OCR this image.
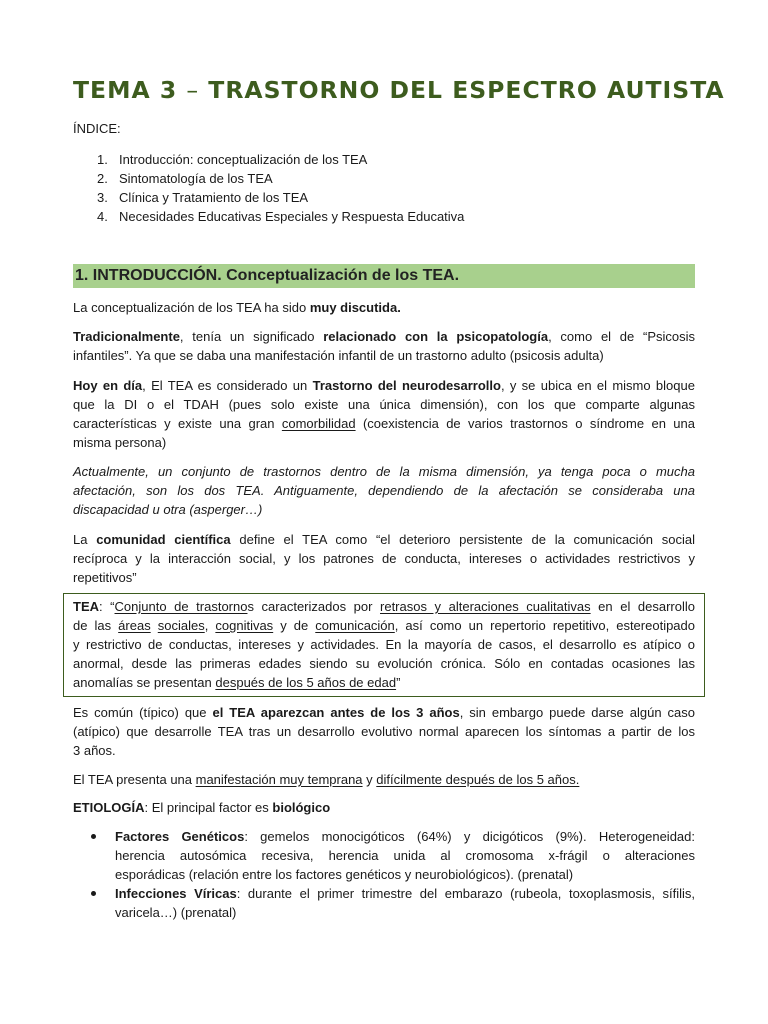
TEMA 3 – TRASTORNO DEL ESPECTRO AUTISTA
ÍNDICE:
1. Introducción: conceptualización de los TEA
2. Sintomatología de los TEA
3. Clínica y Tratamiento de los TEA
4. Necesidades Educativas Especiales y Respuesta Educativa
1. INTRODUCCIÓN. Conceptualización de los TEA.
La conceptualización de los TEA ha sido muy discutida.
Tradicionalmente, tenía un significado relacionado con la psicopatología, como el de “Psicosis
infantiles”. Ya que se daba una manifestación infantil de un trastorno adulto (psicosis adulta)
Hoy en día, El TEA es considerado un Trastorno del neurodesarrollo, y se ubica en el mismo bloque
que la DI o el TDAH (pues solo existe una única dimensión), con los que comparte algunas
características y existe una gran comorbilidad (coexistencia de varios trastornos o síndrome en una
misma persona)
Actualmente, un conjunto de trastornos dentro de la misma dimensión, ya tenga poca o mucha
afectación, son los dos TEA. Antiguamente, dependiendo de la afectación se consideraba una
discapacidad u otra (asperger…)
La comunidad científica define el TEA como “el deterioro persistente de la comunicación social
recíproca y la interacción social, y los patrones de conducta, intereses o actividades restrictivos y
repetitivos”
TEA: “Conjunto de trastornos caracterizados por retrasos y alteraciones cualitativas en el desarrollo
de las áreas sociales, cognitivas y de comunicación, así como un repertorio repetitivo, estereotipado
y restrictivo de conductas, intereses y actividades. En la mayoría de casos, el desarrollo es atípico o
anormal, desde las primeras edades siendo su evolución crónica. Sólo en contadas ocasiones las
anomalías se presentan después de los 5 años de edad”
Es común (típico) que el TEA aparezcan antes de los 3 años, sin embargo puede darse algún caso
(atípico) que desarrolle TEA tras un desarrollo evolutivo normal aparecen los síntomas a partir de los
3 años.
El TEA presenta una manifestación muy temprana y difícilmente después de los 5 años.
ETIOLOGÍA: El principal factor es biológico
Factores Genéticos: gemelos monocigóticos (64%) y dicigóticos (9%). Heterogeneidad:
herencia autosómica recesiva, herencia unida al cromosoma x-frágil o alteraciones
esporádicas (relación entre los factores genéticos y neurobiológicos). (prenatal)
Infecciones Víricas: durante el primer trimestre del embarazo (rubeola, toxoplasmosis, sífilis,
varicela…) (prenatal)
